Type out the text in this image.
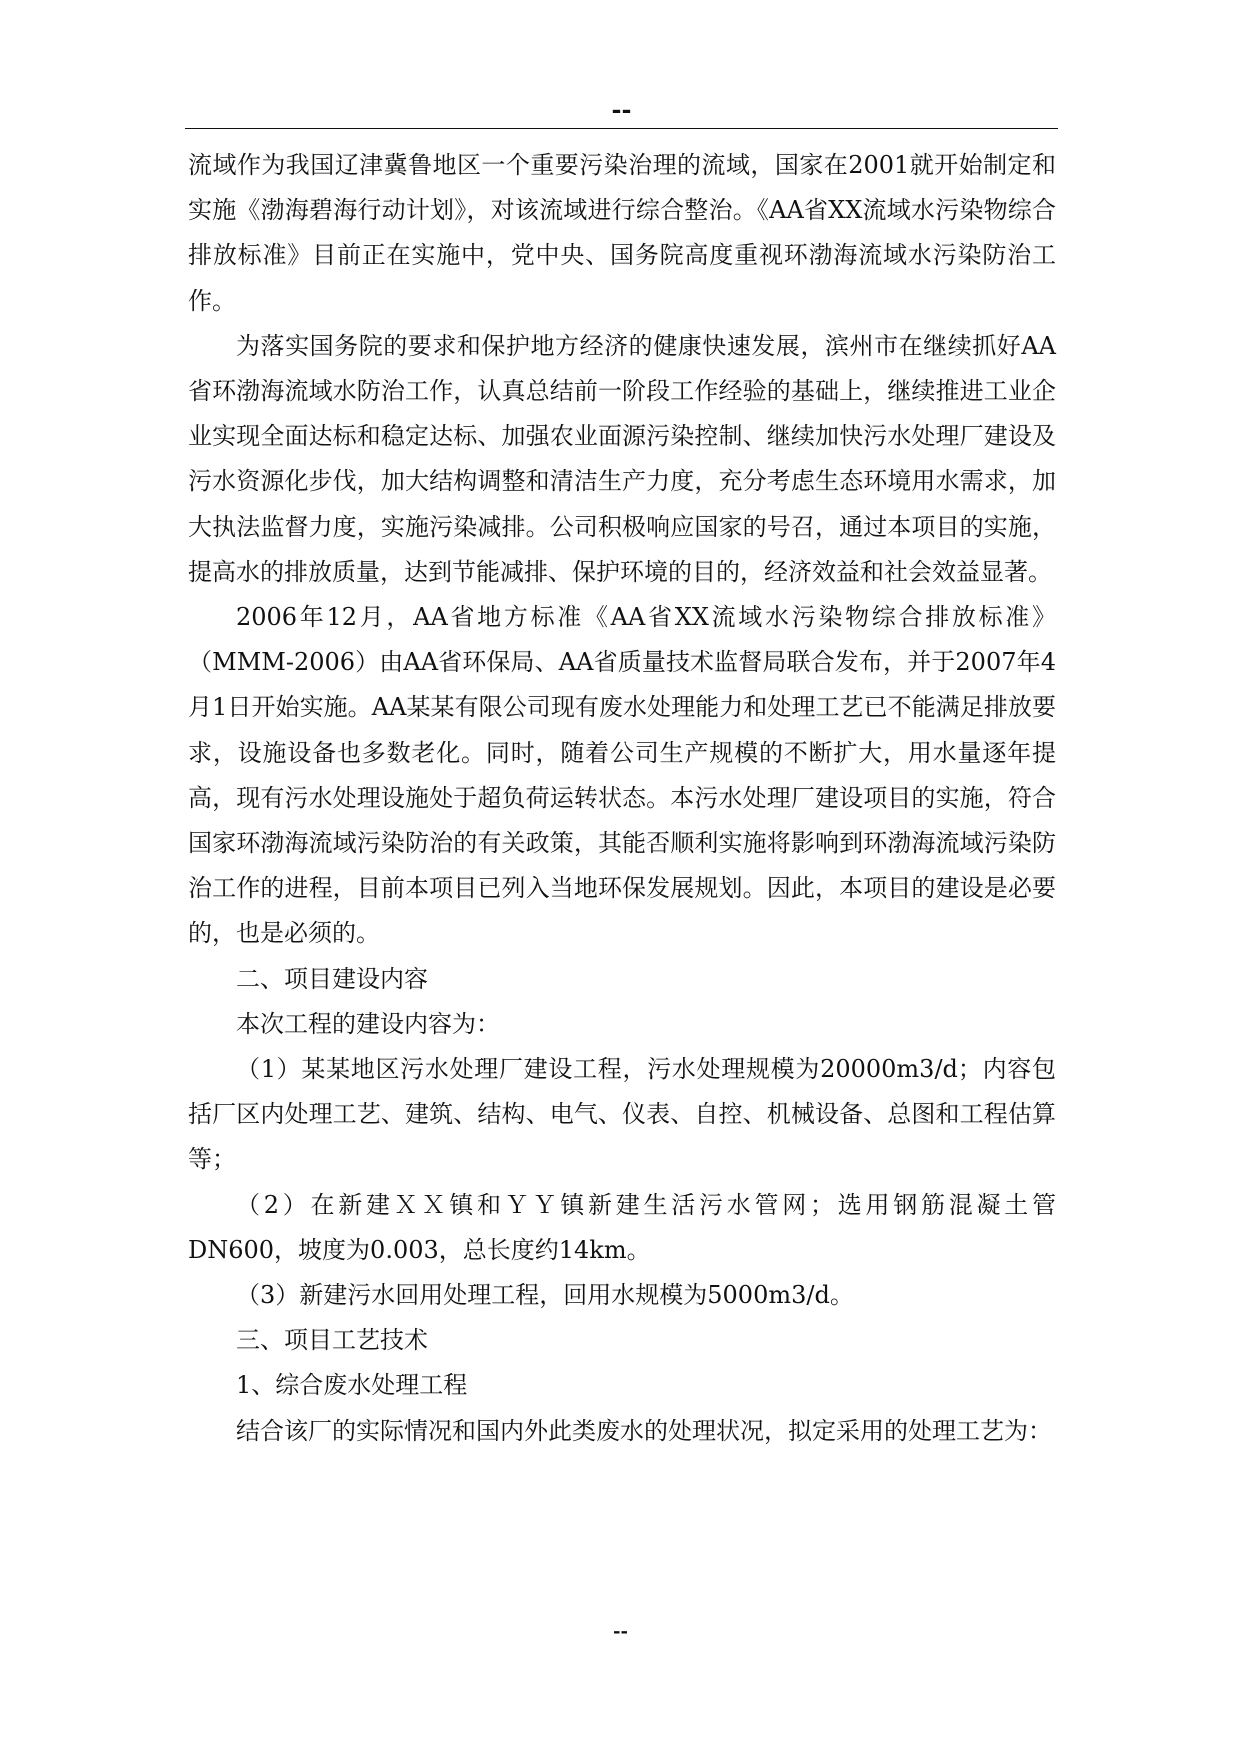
--

流域作为我国辽津冀鲁地区一个重要污染治理的流域，国家在2001就开始制定和实施《渤海碧海行动计划》，对该流域进行综合整治。《AA省XX流域水污染物综合排放标准》目前正在实施中，党中央、国务院高度重视环渤海流域水污染防治工作。

为落实国务院的要求和保护地方经济的健康快速发展，滨州市在继续抓好AA省环渤海流域水防治工作，认真总结前一阶段工作经验的基础上，继续推进工业企业实现全面达标和稳定达标、加强农业面源污染控制、继续加快污水处理厂建设及污水资源化步伐，加大结构调整和清洁生产力度，充分考虑生态环境用水需求，加大执法监督力度，实施污染减排。公司积极响应国家的号召，通过本项目的实施，提高水的排放质量，达到节能减排、保护环境的目的，经济效益和社会效益显著。

2006年12月，AA省地方标准《AA省XX流域水污染物综合排放标准》（MMM-2006）由AA省环保局、AA省质量技术监督局联合发布，并于2007年4月1日开始实施。AA某某有限公司现有废水处理能力和处理工艺已不能满足排放要求，设施设备也多数老化。同时，随着公司生产规模的不断扩大，用水量逐年提高，现有污水处理设施处于超负荷运转状态。本污水处理厂建设项目的实施，符合国家环渤海流域污染防治的有关政策，其能否顺利实施将影响到环渤海流域污染防治工作的进程，目前本项目已列入当地环保发展规划。因此，本项目的建设是必要的，也是必须的。

二、项目建设内容

本次工程的建设内容为：

（1）某某地区污水处理厂建设工程，污水处理规模为20000m3/d；内容包括厂区内处理工艺、建筑、结构、电气、仪表、自控、机械设备、总图和工程估算等；

（2）在新建ＸＸ镇和ＹＹ镇新建生活污水管网；选用钢筋混凝土管DN600，坡度为0.003，总长度约14km。

（3）新建污水回用处理工程，回用水规模为5000m3/d。

三、项目工艺技术

1、综合废水处理工程

结合该厂的实际情况和国内外此类废水的处理状况，拟定采用的处理工艺为：

--
